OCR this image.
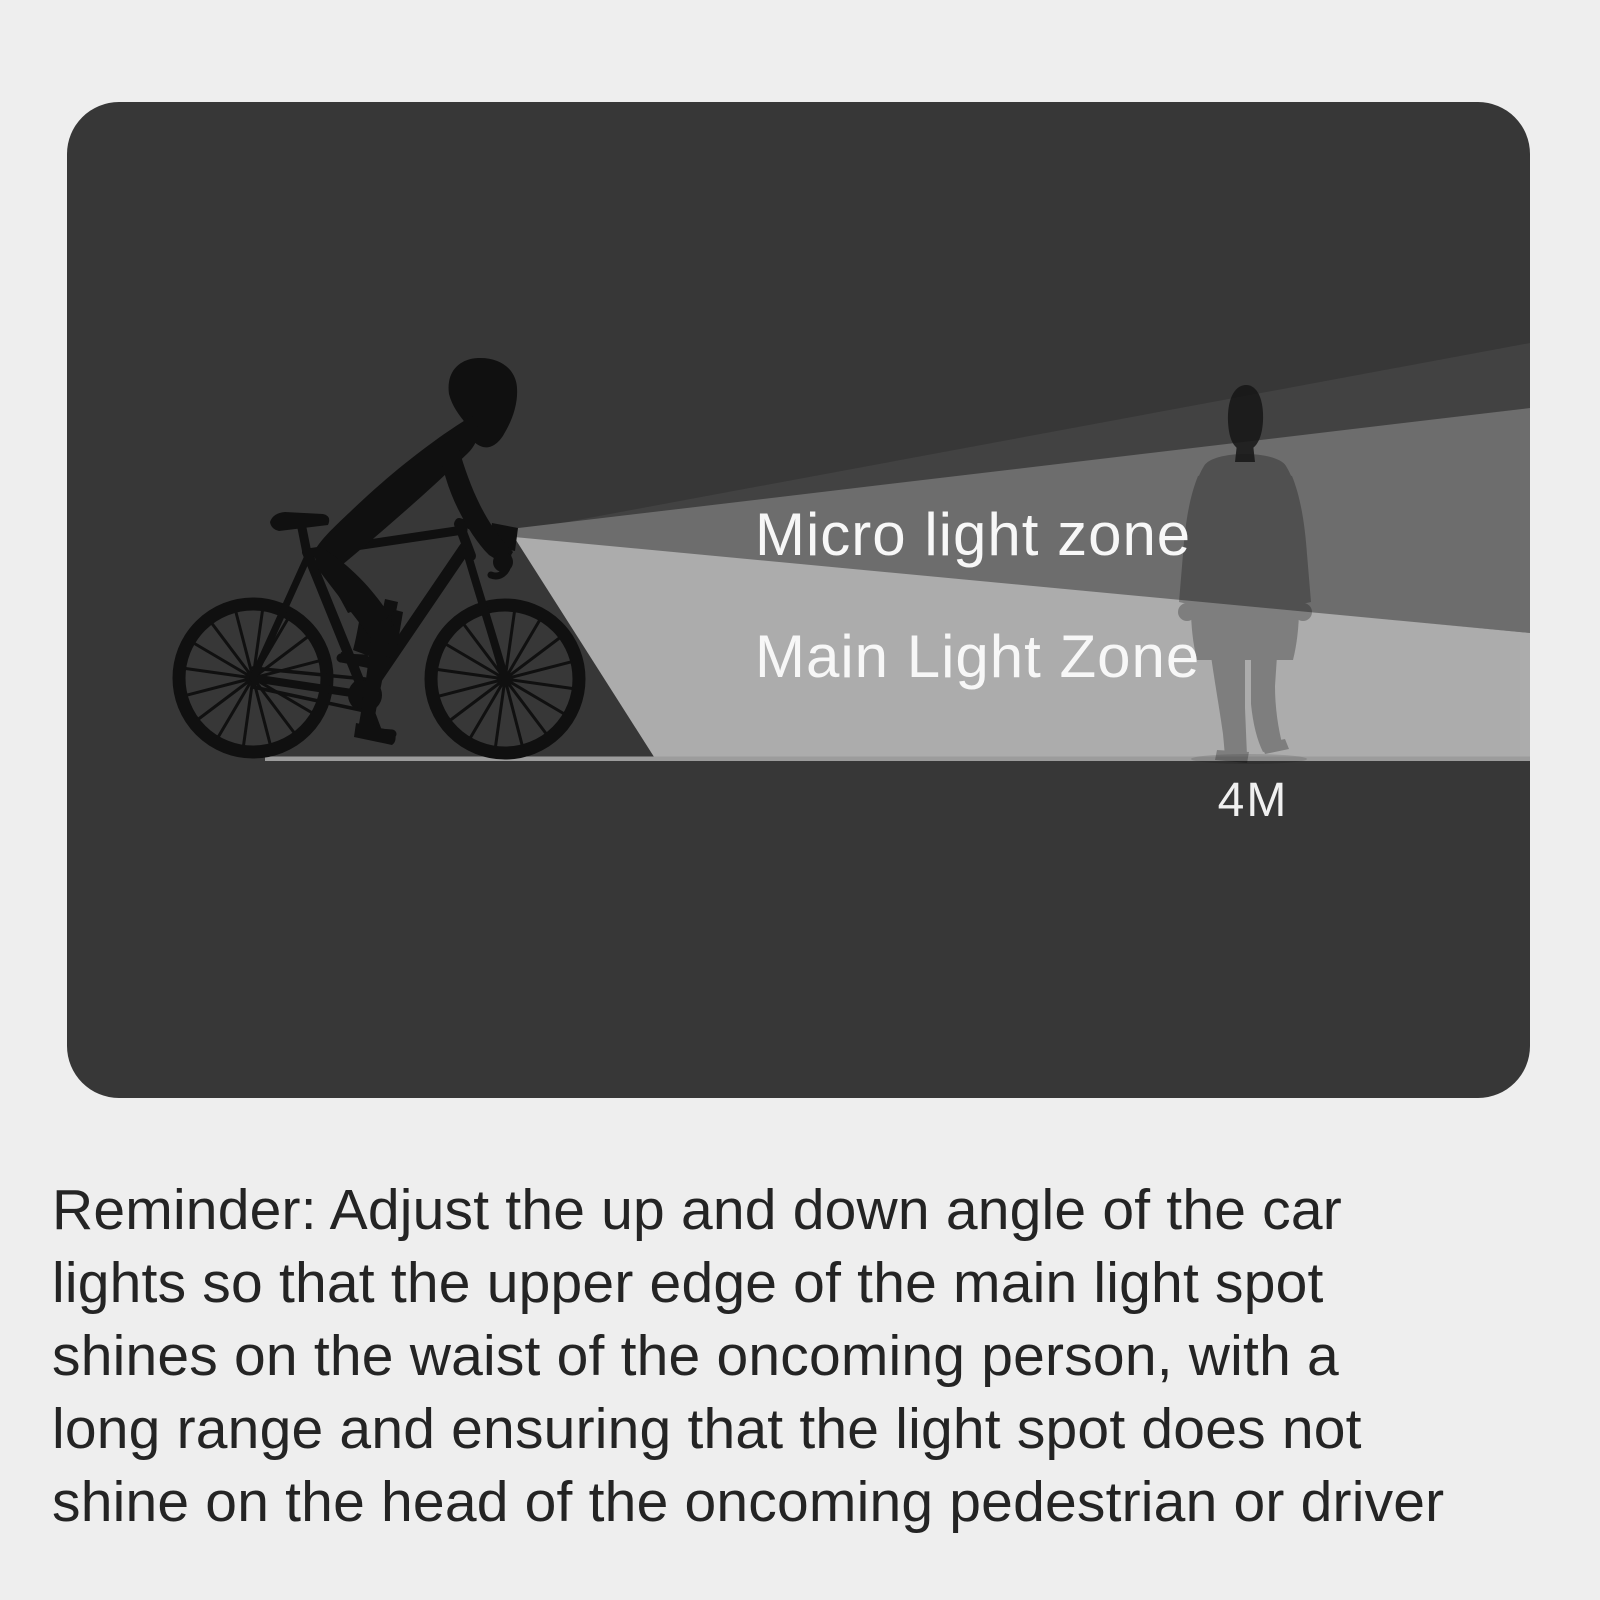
Micro light zone
Main Light Zone
4M
Reminder: Adjust the up and down angle of the car
lights so that the upper edge of the main light spot
shines on the waist of the oncoming person, with a
long range and ensuring that the light spot does not
shine on the head of the oncoming pedestrian or driver
